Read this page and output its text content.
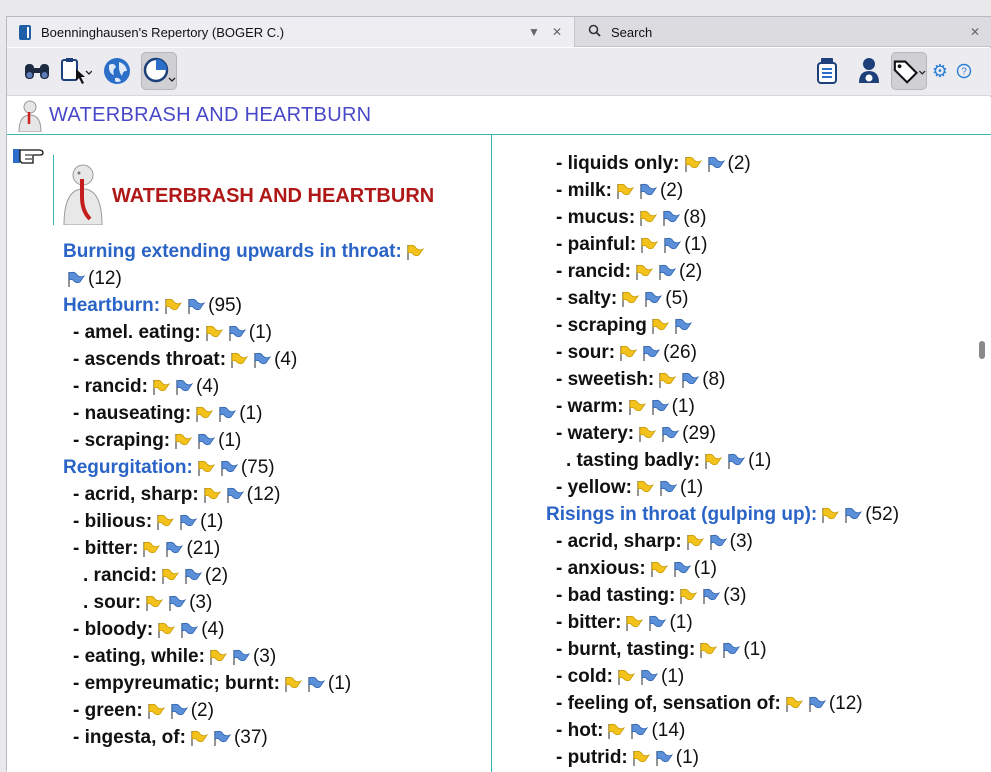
Boenninghausen's Repertory (BOGER C.)	▼ ✕	Search	✕
⚙ ?
WATERBRASH AND HEARTBURN
WATERBRASH AND HEARTBURN
Burning extending upwards in throat:
(12)
Heartburn:	(95)
- amel. eating:	(1)
- ascends throat:	(4)
- rancid:	(4)
- nauseating:	(1)
- scraping:	(1)
Regurgitation:	(75)
- acrid, sharp:	(12)
- bilious:	(1)
- bitter:	(21)
. rancid:	(2)
. sour:	(3)
- bloody:	(4)
- eating, while:	(3)
- empyreumatic; burnt:	(1)
- green:	(2)
- ingesta, of:	(37)
- liquids only:	(2)
- milk:	(2)
- mucus:	(8)
- painful:	(1)
- rancid:	(2)
- salty:	(5)
- scraping
- sour:	(26)
- sweetish:	(8)
- warm:	(1)
- watery:	(29)
. tasting badly:	(1)
- yellow:	(1)
Risings in throat (gulping up):	(52)
- acrid, sharp:	(3)
- anxious:	(1)
- bad tasting:	(3)
- bitter:	(1)
- burnt, tasting:	(1)
- cold:	(1)
- feeling of, sensation of:	(12)
- hot:	(14)
- putrid:	(1)
